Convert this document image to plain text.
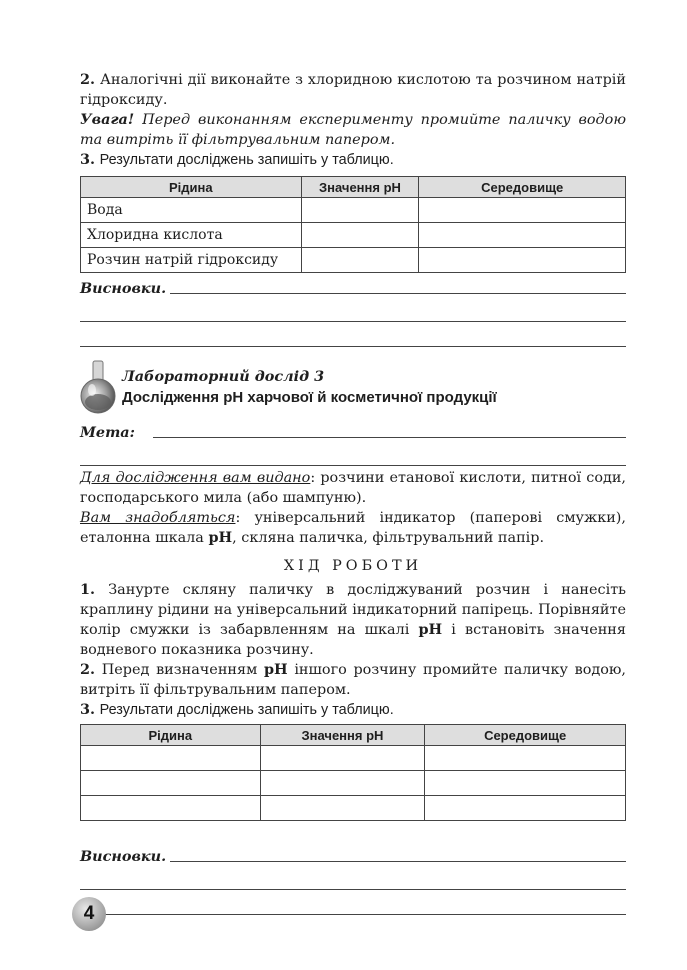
2. Аналогічні дії виконайте з хлоридною кислотою та розчином натрій гідроксиду.

Увага! Перед виконанням експерименту промийте паличку водою та витріть її фільтрувальним папером.

3. Результати досліджень запишіть у таблицю.

Рідина	Значення pH	Середовище
Вода		
Хлоридна кислота		
Розчин натрій гідроксиду		
Висновки.
Лабораторний дослід 3
Дослідження pH харчової й косметичної продукції
Мета:

Для дослідження вам видано: розчини етанової кислоти, питної соди, господарського мила (або шампуню).

Вам знадобляться: універсальний індикатор (паперові смужки), еталонна шкала pH, скляна паличка, фільтрувальний папір.

ХІД РОБОТИ

1. Занурте скляну паличку в досліджуваний розчин і нанесіть краплину рідини на універсальний індикаторний папірець. Порівняйте колір смужки із забарвленням на шкалі pH і встановіть значення водневого показника розчину.

2. Перед визначенням pH іншого розчину промийте паличку водою, витріть її фільтрувальним папером.

3. Результати досліджень запишіть у таблицю.

Рідина	Значення pH	Середовище

Висновки.
4
